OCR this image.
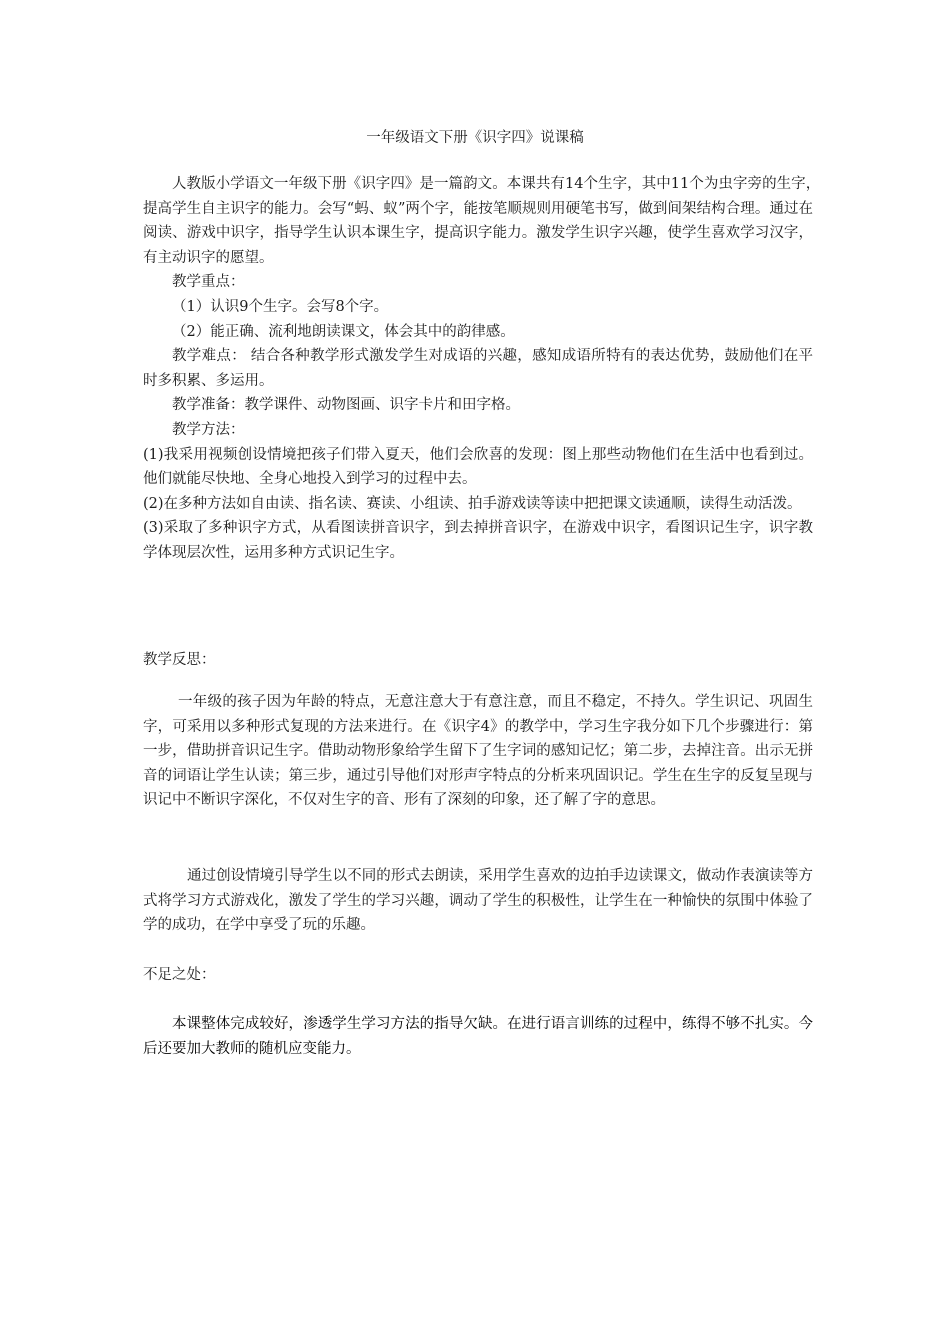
一年级语文下册《识字四》说课稿

人教版小学语文一年级下册《识字四》是一篇韵文。本课共有14个生字，其中11个为虫字旁的生字，　提高学生自主识字的能力。会写“蚂、蚁”两个字，能按笔顺规则用硬笔书写，做到间架结构合理。通过在阅读、游戏中识字，指导学生认识本课生字，提高识字能力。激发学生识字兴趣，使学生喜欢学习汉字，有主动识字的愿望。

教学重点：

（1）认识9个生字。会写8个字。

（2）能正确、流利地朗读课文，体会其中的韵律感。

教学难点： 结合各种教学形式激发学生对成语的兴趣，感知成语所特有的表达优势，鼓励他们在平时多积累、多运用。

教学准备：教学课件、动物图画、识字卡片和田字格。

教学方法：

(1)我采用视频创设情境把孩子们带入夏天，他们会欣喜的发现：图上那些动物他们在生活中也看到过。他们就能尽快地、全身心地投入到学习的过程中去。

(2)在多种方法如自由读、指名读、赛读、小组读、拍手游戏读等读中把把课文读通顺，读得生动活泼。

(3)采取了多种识字方式，从看图读拼音识字，到去掉拼音识字，在游戏中识字，看图识记生字，识字教学体现层次性，运用多种方式识记生字。

教学反思：

一年级的孩子因为年龄的特点，无意注意大于有意注意，而且不稳定，不持久。学生识记、巩固生字，可采用以多种形式复现的方法来进行。在《识字4》的教学中，学习生字我分如下几个步骤进行：第一步，借助拼音识记生字。借助动物形象给学生留下了生字词的感知记忆；第二步，去掉注音。出示无拼音的词语让学生认读；第三步，通过引导他们对形声字特点的分析来巩固识记。学生在生字的反复呈现与识记中不断识字深化，不仅对生字的音、形有了深刻的印象，还了解了字的意思。

通过创设情境引导学生以不同的形式去朗读，采用学生喜欢的边拍手边读课文，做动作表演读等方式将学习方式游戏化，激发了学生的学习兴趣，调动了学生的积极性，让学生在一种愉快的氛围中体验了学的成功，在学中享受了玩的乐趣。

不足之处：

本课整体完成较好，渗透学生学习方法的指导欠缺。在进行语言训练的过程中，练得不够不扎实。今后还要加大教师的随机应变能力。
